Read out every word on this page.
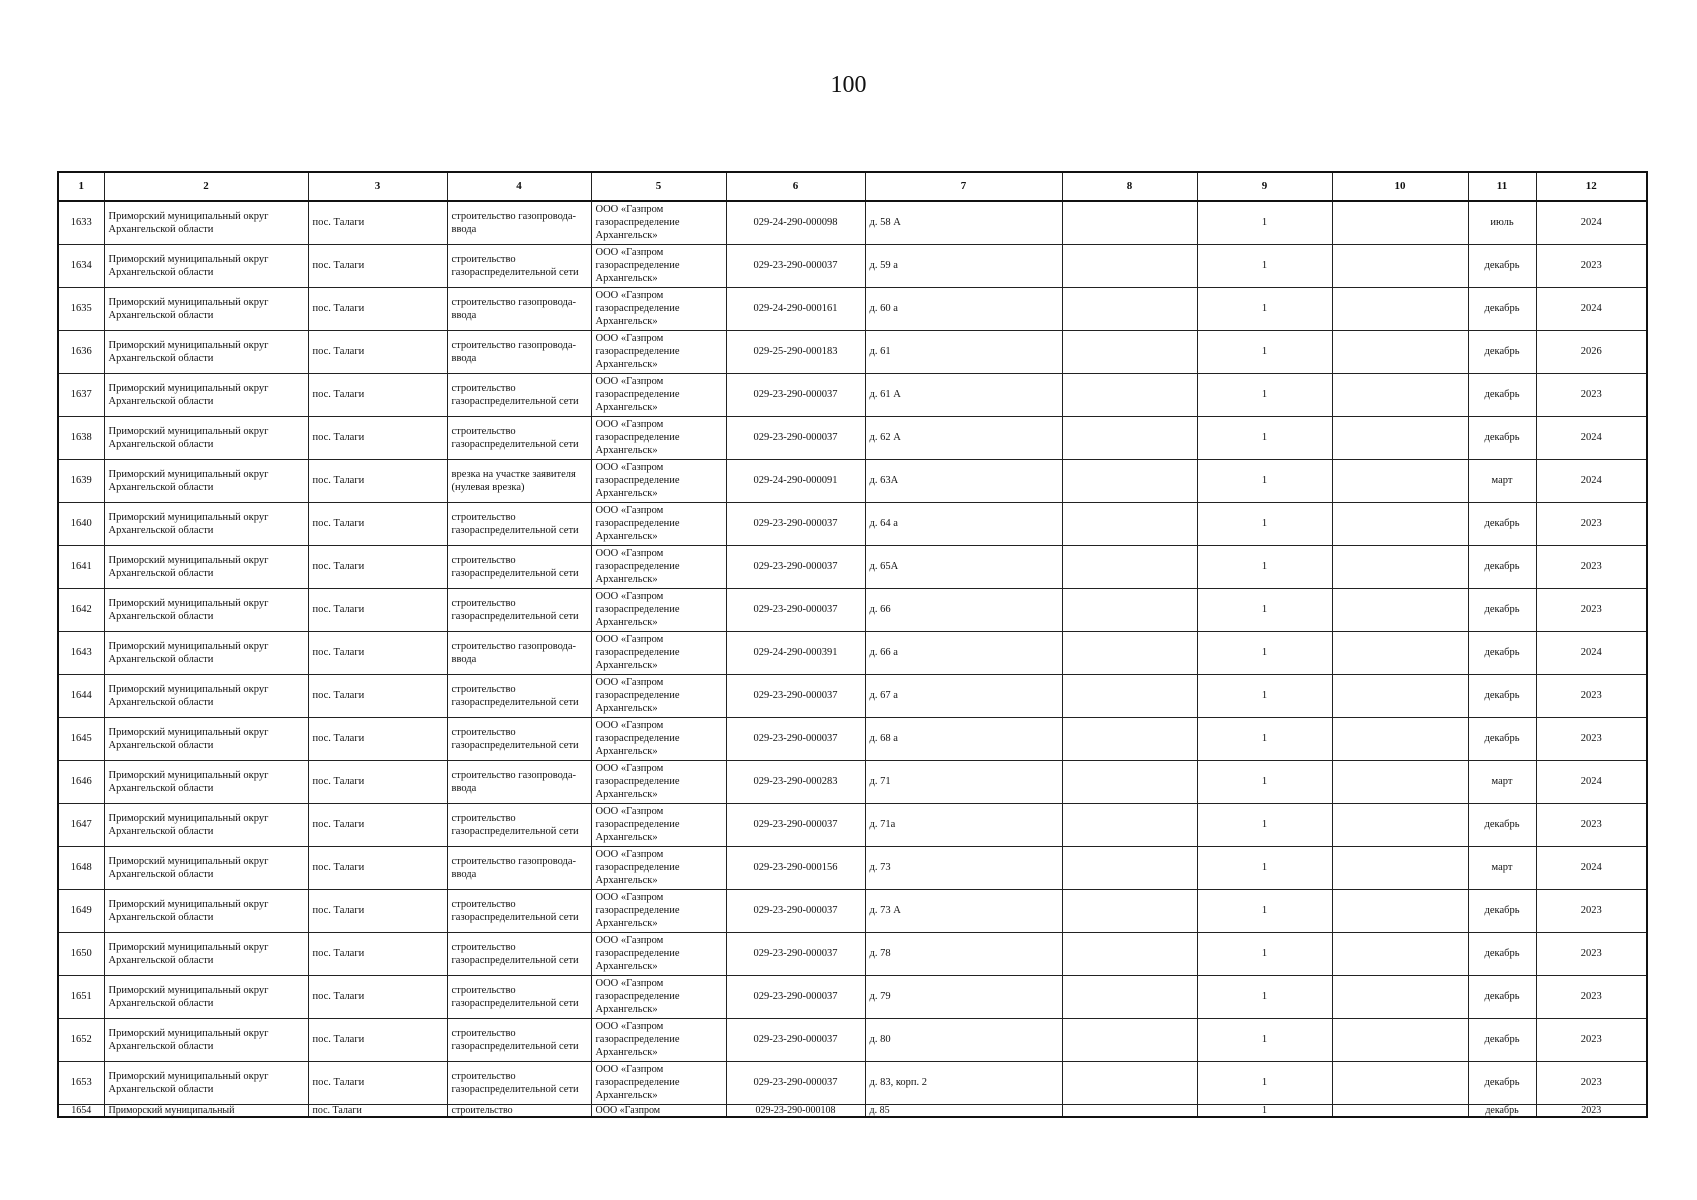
100
1	2	3	4	5	6	7	8	9	10	11	12
1633	Приморский муниципальный округ Архангельской области	пос. Талаги	строительство газопровода-ввода	ООО «Газпром газораспределение Архангельск»	029-24-290-000098	д. 58 А		1		июль	2024
1634	Приморский муниципальный округ Архангельской области	пос. Талаги	строительство газораспределительной сети	ООО «Газпром газораспределение Архангельск»	029-23-290-000037	д. 59 а		1		декабрь	2023
1635	Приморский муниципальный округ Архангельской области	пос. Талаги	строительство газопровода-ввода	ООО «Газпром газораспределение Архангельск»	029-24-290-000161	д. 60 а		1		декабрь	2024
1636	Приморский муниципальный округ Архангельской области	пос. Талаги	строительство газопровода-ввода	ООО «Газпром газораспределение Архангельск»	029-25-290-000183	д. 61		1		декабрь	2026
1637	Приморский муниципальный округ Архангельской области	пос. Талаги	строительство газораспределительной сети	ООО «Газпром газораспределение Архангельск»	029-23-290-000037	д. 61 А		1		декабрь	2023
1638	Приморский муниципальный округ Архангельской области	пос. Талаги	строительство газораспределительной сети	ООО «Газпром газораспределение Архангельск»	029-23-290-000037	д. 62 А		1		декабрь	2024
1639	Приморский муниципальный округ Архангельской области	пос. Талаги	врезка на участке заявителя (нулевая врезка)	ООО «Газпром газораспределение Архангельск»	029-24-290-000091	д. 63А		1		март	2024
1640	Приморский муниципальный округ Архангельской области	пос. Талаги	строительство газораспределительной сети	ООО «Газпром газораспределение Архангельск»	029-23-290-000037	д. 64 а		1		декабрь	2023
1641	Приморский муниципальный округ Архангельской области	пос. Талаги	строительство газораспределительной сети	ООО «Газпром газораспределение Архангельск»	029-23-290-000037	д. 65А		1		декабрь	2023
1642	Приморский муниципальный округ Архангельской области	пос. Талаги	строительство газораспределительной сети	ООО «Газпром газораспределение Архангельск»	029-23-290-000037	д. 66		1		декабрь	2023
1643	Приморский муниципальный округ Архангельской области	пос. Талаги	строительство газопровода-ввода	ООО «Газпром газораспределение Архангельск»	029-24-290-000391	д. 66 а		1		декабрь	2024
1644	Приморский муниципальный округ Архангельской области	пос. Талаги	строительство газораспределительной сети	ООО «Газпром газораспределение Архангельск»	029-23-290-000037	д. 67 а		1		декабрь	2023
1645	Приморский муниципальный округ Архангельской области	пос. Талаги	строительство газораспределительной сети	ООО «Газпром газораспределение Архангельск»	029-23-290-000037	д. 68 а		1		декабрь	2023
1646	Приморский муниципальный округ Архангельской области	пос. Талаги	строительство газопровода-ввода	ООО «Газпром газораспределение Архангельск»	029-23-290-000283	д. 71		1		март	2024
1647	Приморский муниципальный округ Архангельской области	пос. Талаги	строительство газораспределительной сети	ООО «Газпром газораспределение Архангельск»	029-23-290-000037	д. 71а		1		декабрь	2023
1648	Приморский муниципальный округ Архангельской области	пос. Талаги	строительство газопровода-ввода	ООО «Газпром газораспределение Архангельск»	029-23-290-000156	д. 73		1		март	2024
1649	Приморский муниципальный округ Архангельской области	пос. Талаги	строительство газораспределительной сети	ООО «Газпром газораспределение Архангельск»	029-23-290-000037	д. 73 А		1		декабрь	2023
1650	Приморский муниципальный округ Архангельской области	пос. Талаги	строительство газораспределительной сети	ООО «Газпром газораспределение Архангельск»	029-23-290-000037	д. 78		1		декабрь	2023
1651	Приморский муниципальный округ Архангельской области	пос. Талаги	строительство газораспределительной сети	ООО «Газпром газораспределение Архангельск»	029-23-290-000037	д. 79		1		декабрь	2023
1652	Приморский муниципальный округ Архангельской области	пос. Талаги	строительство газораспределительной сети	ООО «Газпром газораспределение Архангельск»	029-23-290-000037	д. 80		1		декабрь	2023
1653	Приморский муниципальный округ Архангельской области	пос. Талаги	строительство газораспределительной сети	ООО «Газпром газораспределение Архангельск»	029-23-290-000037	д. 83, корп. 2		1		декабрь	2023
1654	Приморский муниципальный	пос. Талаги	строительство	ООО «Газпром	029-23-290-000108	д. 85		1		декабрь	2023
